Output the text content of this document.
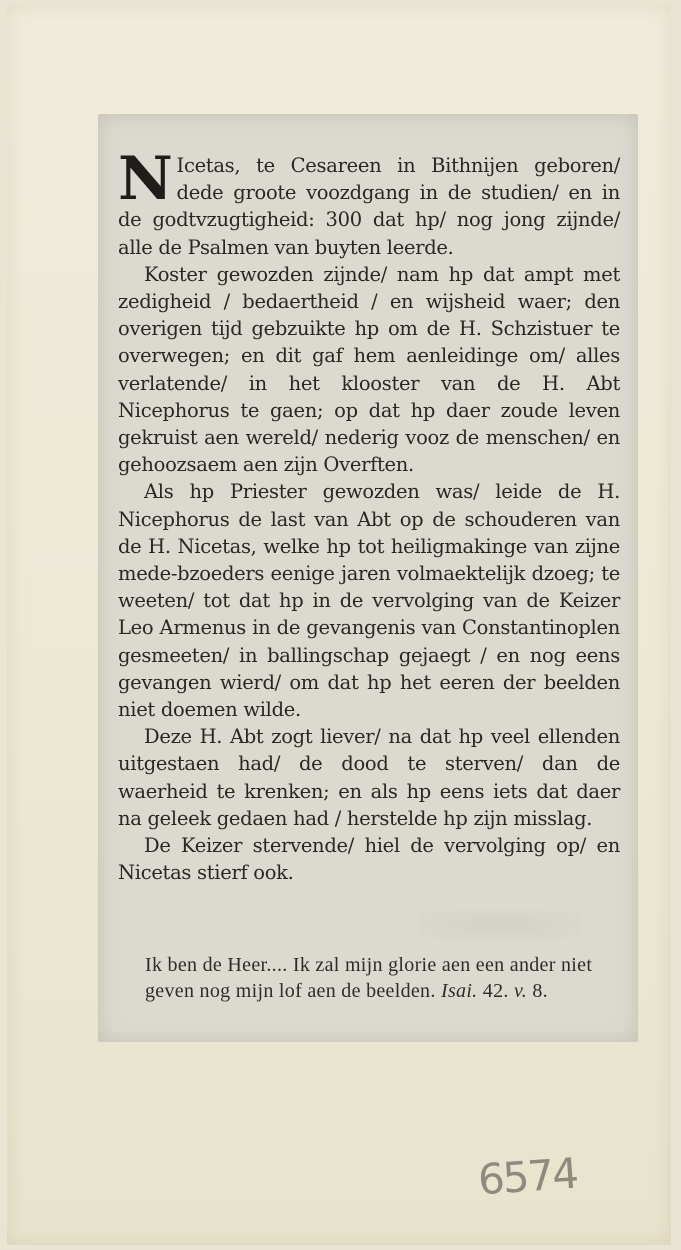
N Icetas, te Cesareen in Bithnijen geboren/ dede groote voozdgang in de studien/ en in de godtvzugtigheid: 300 dat hp/ nog jong zijnde/ alle de Psalmen van buyten leerde.

Koster gewozden zijnde/ nam hp dat ampt met zedigheid / bedaertheid / en wijsheid waer; den overigen tijd gebzuikte hp om de H. Schzistuer te overwegen; en dit gaf hem aenleidinge om/ alles verlatende/ in het klooster van de H. Abt Nicephorus te gaen; op dat hp daer zoude leven gekruist aen wereld/ nederig vooz de menschen/ en gehoozsaem aen zijn Overften.

Als hp Priester gewozden was/ leide de H. Nicephorus de last van Abt op de schouderen van de H. Nicetas, welke hp tot heiligmakinge van zijne mede-bzoeders eenige jaren volmaektelijk dzoeg; te weeten/ tot dat hp in de vervolging van de Keizer Leo Armenus in de gevangenis van Constantinoplen gesmeeten/ in ballingschap gejaegt / en nog eens gevangen wierd/ om dat hp het eeren der beelden niet doemen wilde.

Deze H. Abt zogt liever/ na dat hp veel ellenden uitgestaen had/ de dood te sterven/ dan de waerheid te krenken; en als hp eens iets dat daer na geleek gedaen had / herstelde hp zijn misslag.

De Keizer stervende/ hiel de vervolging op/ en Nicetas stierf ook.

Ik ben de Heer.... Ik zal mijn glorie aen een ander niet geven nog mijn lof aen de beelden. Isai. 42. v. 8.
6574
